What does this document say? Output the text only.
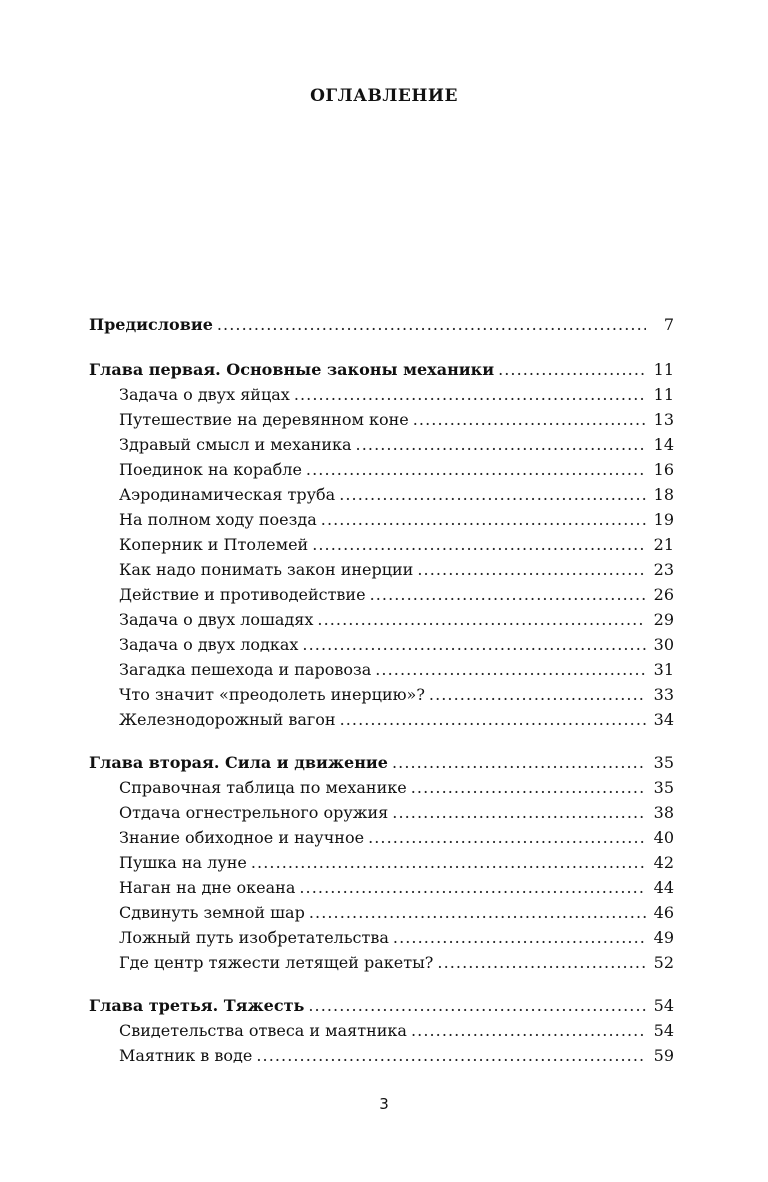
ОГЛАВЛЕНИЕ
Предисловие . . .	7
Глава первая. Основные законы механики . . .	11
Задача о двух яйцах . . .	11
Путешествие на деревянном коне . . .	13
Здравый смысл и механика . . .	14
Поединок на корабле . . .	16
Аэродинамическая труба . . .	18
На полном ходу поезда . . .	19
Коперник и Птолемей . . .	21
Как надо понимать закон инерции . . .	23
Действие и противодействие . . .	26
Задача о двух лошадях . . .	29
Задача о двух лодках . . .	30
Загадка пешехода и паровоза . . .	31
Что значит «преодолеть инерцию»? . . .	33
Железнодорожный вагон . . .	34
Глава вторая. Сила и движение . . .	35
Справочная таблица по механике . . .	35
Отдача огнестрельного оружия . . .	38
Знание обиходное и научное . . .	40
Пушка на луне . . .	42
Наган на дне океана . . .	44
Сдвинуть земной шар . . .	46
Ложный путь изобретательства . . .	49
Где центр тяжести летящей ракеты? . . .	52
Глава третья. Тяжесть . . .	54
Свидетельства отвеса и маятника . . .	54
Маятник в воде . . .	59
3
